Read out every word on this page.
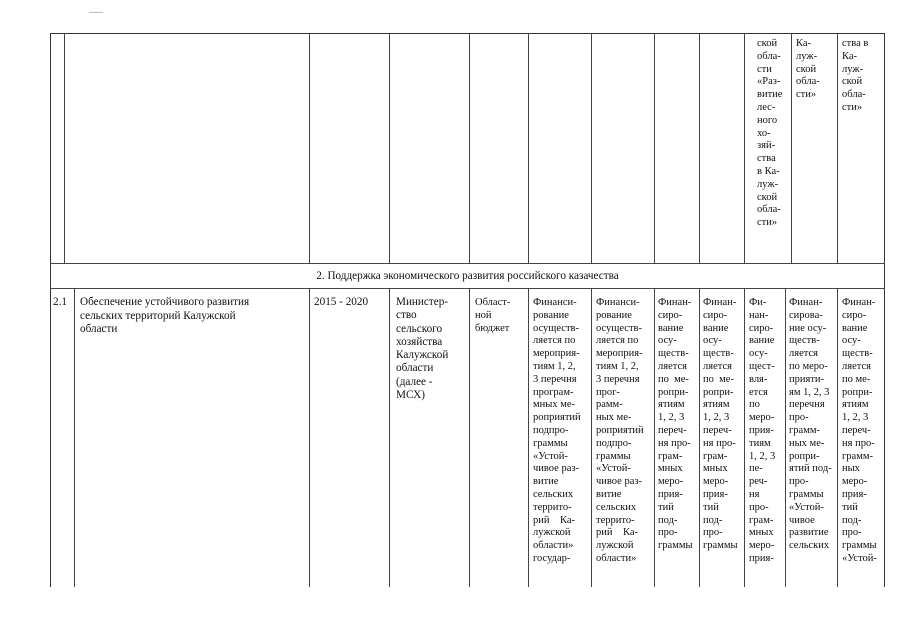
ской
обла-
сти
«Раз-
витие
лес-
ного
хо-
зяй-
ства
в Ка-
луж-
ской
обла-
сти»

Ка-
луж-
ской
обла-
сти»

ства в
Ка-
луж-
ской
обла-
сти»

2. Поддержка экономического развития российского казачества

2.1 Обеспечение устойчивого развития
сельских территорий Калужской
области

2015 - 2020 Министер-
ство
сельского
хозяйства
Калужской
области
(далее -
МСХ)

Област-
ной
бюджет

Финанси-
рование
осуществ-
ляется по
мероприя-
тиям 1, 2,
3 перечня
програм-
мных ме-
роприятий
подпро-
граммы
«Устой-
чивое раз-
витие
сельских
террито-
рий    Ка-
лужской
области»
государ-

Финанси-
рование
осуществ-
ляется по
мероприя-
тиям 1, 2,
3 перечня
прог-
рамм-
ных ме-
роприятий
подпро-
граммы
«Устой-
чивое раз-
витие
сельских
террито-
рий    Ка-
лужской
области»

Финан-
сиро-
вание
осу-
ществ-
ляется
по  ме-
ропри-
ятиям
1, 2, 3
переч-
ня про-
грам-
мных
меро-
прия-
тий
под-
про-
граммы

Финан-
сиро-
вание
осу-
ществ-
ляется
по  ме-
ропри-
ятиям
1, 2, 3
переч-
ня про-
грам-
мных
меро-
прия-
тий
под-
про-
граммы

Фи-
нан-
сиро-
вание
осу-
щест-
вля-
ется
по
меро-
прия-
тиям
1, 2, 3
пе-
реч-
ня
про-
грам-
мных
меро-
прия-

Финан-
сирова-
ние осу-
ществ-
ляется
по меро-
прияти-
ям 1, 2, 3
перечня
про-
грамм-
ных ме-
ропри-
ятий под-
про-
граммы
«Устой-
чивое
развитие
сельских

Финан-
сиро-
вание
осу-
ществ-
ляется
по ме-
ропри-
ятиям
1, 2, 3
переч-
ня про-
грамм-
ных
меро-
прия-
тий
под-
про-
граммы
«Устой-
